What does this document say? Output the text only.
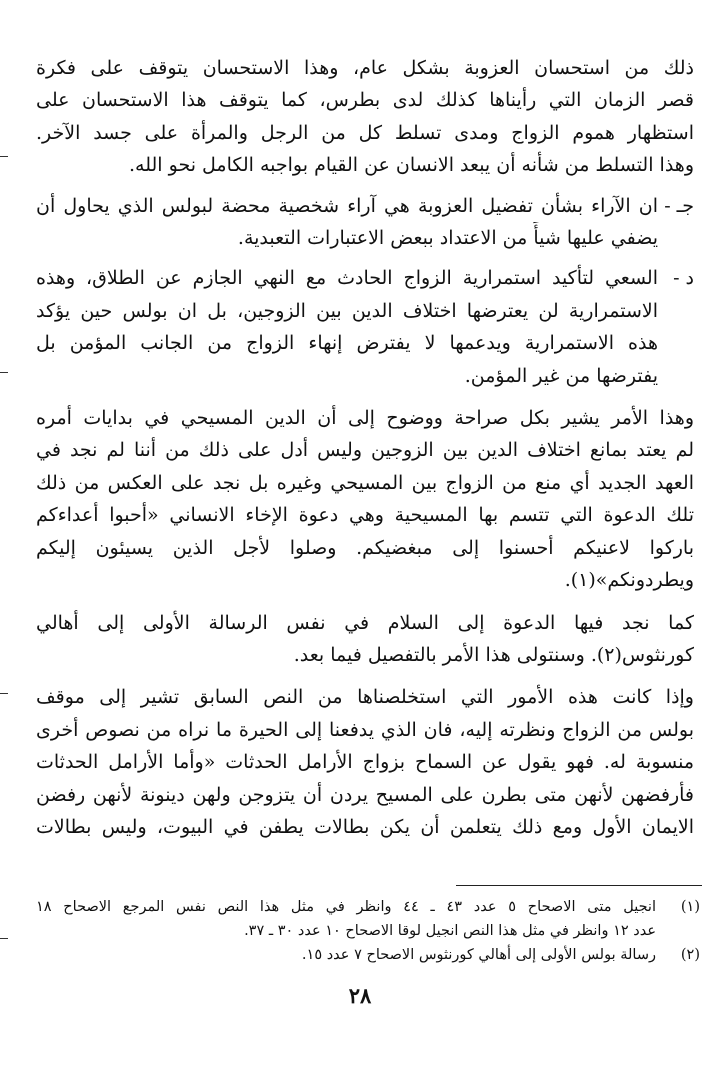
ذلك من استحسان العزوبة بشكل عام، وهذا الاستحسان يتوقف على فكرة
قصر الزمان التي رأيناها كذلك لدى بطرس، كما يتوقف هذا الاستحسان على
استظهار هموم الزواج ومدى تسلط كل من الرجل والمرأة على جسد الآخر.
وهذا التسلط من شأنه أن يبعد الانسان عن القيام بواجبه الكامل نحو الله.
جـ -
ان الآراء بشأن تفضيل العزوبة هي آراء شخصية محضة لبولس الذي يحاول أن
يضفي عليها شيأً من الاعتداد ببعض الاعتبارات التعبدية.
د -
السعي لتأكيد استمرارية الزواج الحادث مع النهي الجازم عن الطلاق، وهذه
الاستمرارية لن يعترضها اختلاف الدين بين الزوجين، بل ان بولس حين يؤكد
هذه الاستمرارية ويدعمها لا يفترض إنهاء الزواج من الجانب المؤمن بل
يفترضها من غير المؤمن.
وهذا الأمر يشير بكل صراحة ووضوح إلى أن الدين المسيحي في بدايات أمره
لم يعتد بمانع اختلاف الدين بين الزوجين وليس أدل على ذلك من أننا لم نجد في
العهد الجديد أي منع من الزواج بين المسيحي وغيره بل نجد على العكس من ذلك
تلك الدعوة التي تتسم بها المسيحية وهي دعوة الإخاء الانساني «أحبوا أعداءكم
باركوا لاعنيكم أحسنوا إلى مبغضيكم. وصلوا لأجل الذين يسيئون إليكم
ويطردونكم»(١).
كما نجد فيها الدعوة إلى السلام في نفس الرسالة الأولى إلى أهالي
كورنثوس(٢). وسنتولى هذا الأمر بالتفصيل فيما بعد.
وإذا كانت هذه الأمور التي استخلصناها من النص السابق تشير إلى موقف
بولس من الزواج ونظرته إليه، فان الذي يدفعنا إلى الحيرة ما نراه من نصوص أخرى
منسوبة له. فهو يقول عن السماح بزواج الأرامل الحدثات «وأما الأرامل الحدثات
فأرفضهن لأنهن متى بطرن على المسيح يردن أن يتزوجن ولهن دينونة لأنهن رفضن
الايمان الأول ومع ذلك يتعلمن أن يكن بطالات يطفن في البيوت، وليس بطالات
(١)
انجيل متى الاصحاح ٥ عدد ٤٣ ـ ٤٤ وانظر في مثل هذا النص نفس المرجع الاصحاح ١٨
عدد ١٢ وانظر في مثل هذا النص انجيل لوقا الاصحاح ١٠ عدد ٣٠ ـ ٣٧.
(٢)
رسالة بولس الأولى إلى أهالي كورنثوس الاصحاح ٧ عدد ١٥.
٢٨
